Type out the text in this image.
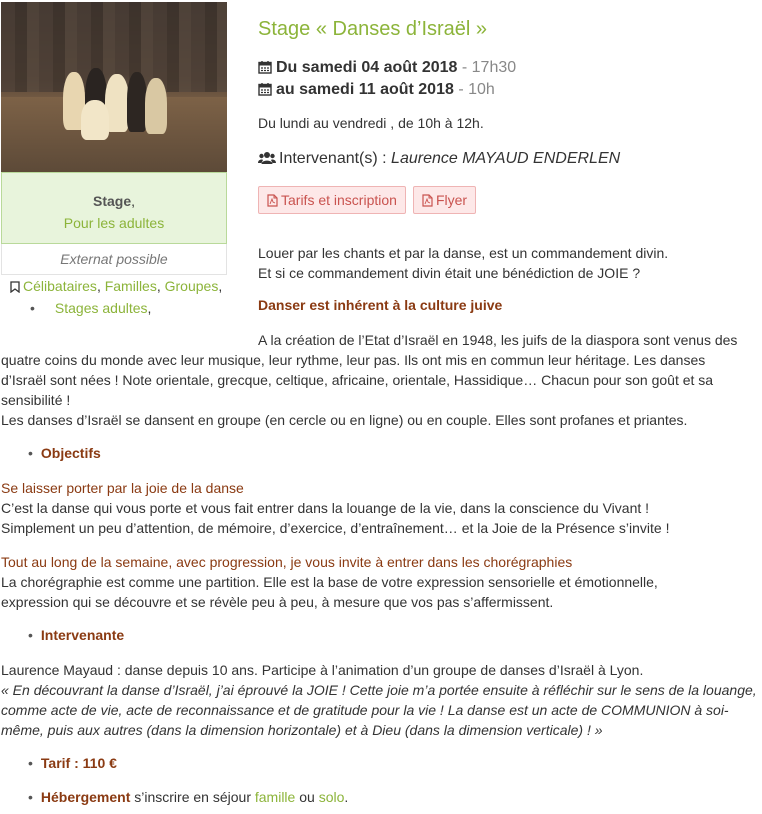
Stage,
Pour les adultes
Externat possible
Célibataires, Familles, Groupes,
• Stages adultes,
Stage « Danses d’Israël »
Du samedi 04 août 2018 - 17h30
au samedi 11 août 2018 - 10h
Du lundi au vendredi , de 10h à 12h.
Intervenant(s) : Laurence MAYAUD ENDERLEN
Tarifs et inscription	Flyer
Louer par les chants et par la danse, est un commandement divin.
Et si ce commandement divin était une bénédiction de JOIE ?
Danser est inhérent à la culture juive
A la création de l’Etat d’Israël en 1948, les juifs de la diaspora sont venus des
quatre coins du monde avec leur musique, leur rythme, leur pas. Ils ont mis en commun leur héritage. Les danses
d’Israël sont nées ! Note orientale, grecque, celtique, africaine, orientale, Hassidique… Chacun pour son goût et sa
sensibilité !
Les danses d’Israël se dansent en groupe (en cercle ou en ligne) ou en couple. Elles sont profanes et priantes.
• Objectifs
Se laisser porter par la joie de la danse
C’est la danse qui vous porte et vous fait entrer dans la louange de la vie, dans la conscience du Vivant !
Simplement un peu d’attention, de mémoire, d’exercice, d’entraînement… et la Joie de la Présence s’invite !
Tout au long de la semaine, avec progression, je vous invite à entrer dans les chorégraphies
La chorégraphie est comme une partition. Elle est la base de votre expression sensorielle et émotionnelle,
expression qui se découvre et se révèle peu à peu, à mesure que vos pas s’affermissent.
• Intervenante
Laurence Mayaud : danse depuis 10 ans. Participe à l’animation d’un groupe de danses d’Israël à Lyon.
« En découvrant la danse d’Israël, j’ai éprouvé la JOIE ! Cette joie m’a portée ensuite à réfléchir sur le sens de la louange,
comme acte de vie, acte de reconnaissance et de gratitude pour la vie ! La danse est un acte de COMMUNION à soi-
même, puis aux autres (dans la dimension horizontale) et à Dieu (dans la dimension verticale) ! »
• Tarif : 110 €
• Hébergement s’inscrire en séjour famille ou solo.
